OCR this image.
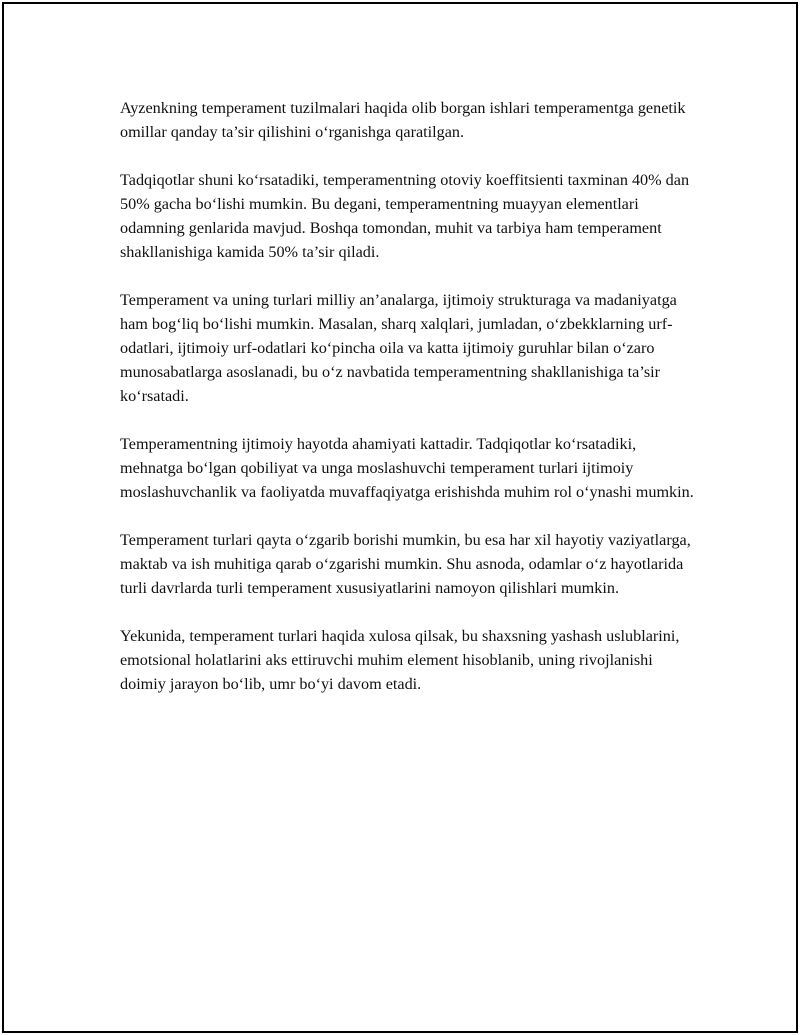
Ayzenkning temperament tuzilmalari haqida olib borgan ishlari temperamentga genetik omillar qanday ta’sir qilishini o‘rganishga qaratilgan.

Tadqiqotlar shuni ko‘rsatadiki, temperamentning otoviy koeffitsienti taxminan 40% dan 50% gacha bo‘lishi mumkin. Bu degani, temperamentning muayyan elementlari odamning genlarida mavjud. Boshqa tomondan, muhit va tarbiya ham temperament shakllanishiga kamida 50% ta’sir qiladi.

Temperament va uning turlari milliy an’analarga, ijtimoiy strukturaga va madaniyatga ham bog‘liq bo‘lishi mumkin. Masalan, sharq xalqlari, jumladan, o‘zbekklarning urf-odatlari, ijtimoiy urf-odatlari ko‘pincha oila va katta ijtimoiy guruhlar bilan o‘zaro munosabatlarga asoslanadi, bu o‘z navbatida temperamentning shakllanishiga ta’sir ko‘rsatadi.

Temperamentning ijtimoiy hayotda ahamiyati kattadir. Tadqiqotlar ko‘rsatadiki, mehnatga bo‘lgan qobiliyat va unga moslashuvchi temperament turlari ijtimoiy moslashuvchanlik va faoliyatda muvaffaqiyatga erishishda muhim rol o‘ynashi mumkin.

Temperament turlari qayta o‘zgarib borishi mumkin, bu esa har xil hayotiy vaziyatlarga, maktab va ish muhitiga qarab o‘zgarishi mumkin. Shu asnoda, odamlar o‘z hayotlarida turli davrlarda turli temperament xususiyatlarini namoyon qilishlari mumkin.

Yekunida, temperament turlari haqida xulosa qilsak, bu shaxsning yashash uslublarini, emotsional holatlarini aks ettiruvchi muhim element hisoblanib, uning rivojlanishi doimiy jarayon bo‘lib, umr bo‘yi davom etadi.
